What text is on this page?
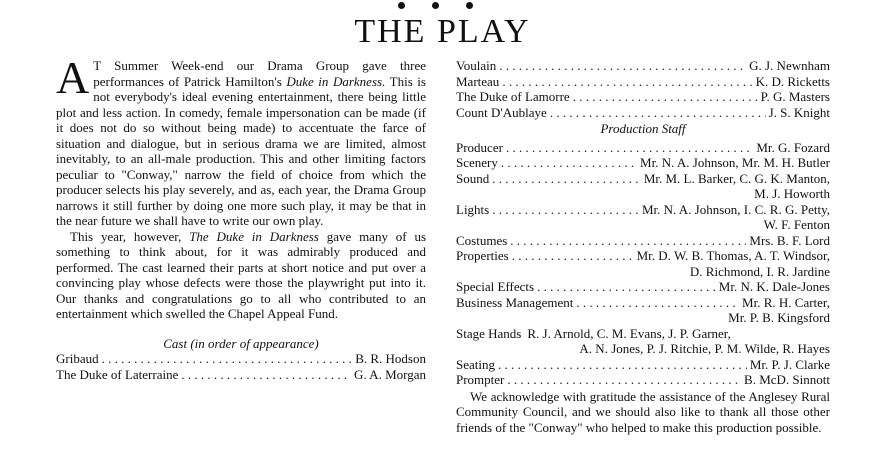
THE PLAY

A T Summer Week-end our Drama Group gave three performances of Patrick Hamilton's Duke in Darkness. This is not everybody's ideal evening entertainment, there being little plot and less action. In comedy, female impersonation can be made (if it does not do so without being made) to accentuate the farce of situation and dialogue, but in serious drama we are limited, almost inevitably, to an all-male production. This and other limiting factors peculiar to "Conway," narrow the field of choice from which the producer selects his play severely, and as, each year, the Drama Group narrows it still further by doing one more such play, it may be that in the near future we shall have to write our own play.

This year, however, The Duke in Darkness gave many of us something to think about, for it was admirably produced and performed. The cast learned their parts at short notice and put over a convincing play whose defects were those the playwright put into it. Our thanks and congratulations go to all who contributed to an entertainment which swelled the Chapel Appeal Fund.

Cast (in order of appearance)
Gribaud . . .	B. R. Hodson
The Duke of Laterraine . . .	G. A. Morgan
Voulain . . .	G. J. Newnham
Marteau . . .	K. D. Ricketts
The Duke of Lamorre . . .	P. G. Masters
Count D'Aublaye . . .	J. S. Knight
Production Staff
Producer . . .	Mr. G. Fozard
Scenery . . .	Mr. N. A. Johnson, Mr. M. H. Butler
Sound . . .	Mr. M. L. Barker, C. G. K. Manton,
M. J. Howorth
Lights . . .	Mr. N. A. Johnson, I. C. R. G. Petty,
W. F. Fenton
Costumes . . .	Mrs. B. F. Lord
Properties . . .	Mr. D. W. B. Thomas, A. T. Windsor,
D. Richmond, I. R. Jardine
Special Effects . . .	Mr. N. K. Dale-Jones
Business Management . . .	Mr. R. H. Carter,
Mr. P. B. Kingsford
Stage Hands R. J. Arnold, C. M. Evans, J. P. Garner,
A. N. Jones, P. J. Ritchie, P. M. Wilde, R. Hayes
Seating . . .	Mr. P. J. Clarke
Prompter . . .	B. McD. Sinnott

We acknowledge with gratitude the assistance of the Anglesey Rural Community Council, and we should also like to thank all those other friends of the "Conway" who helped to make this production possible.
